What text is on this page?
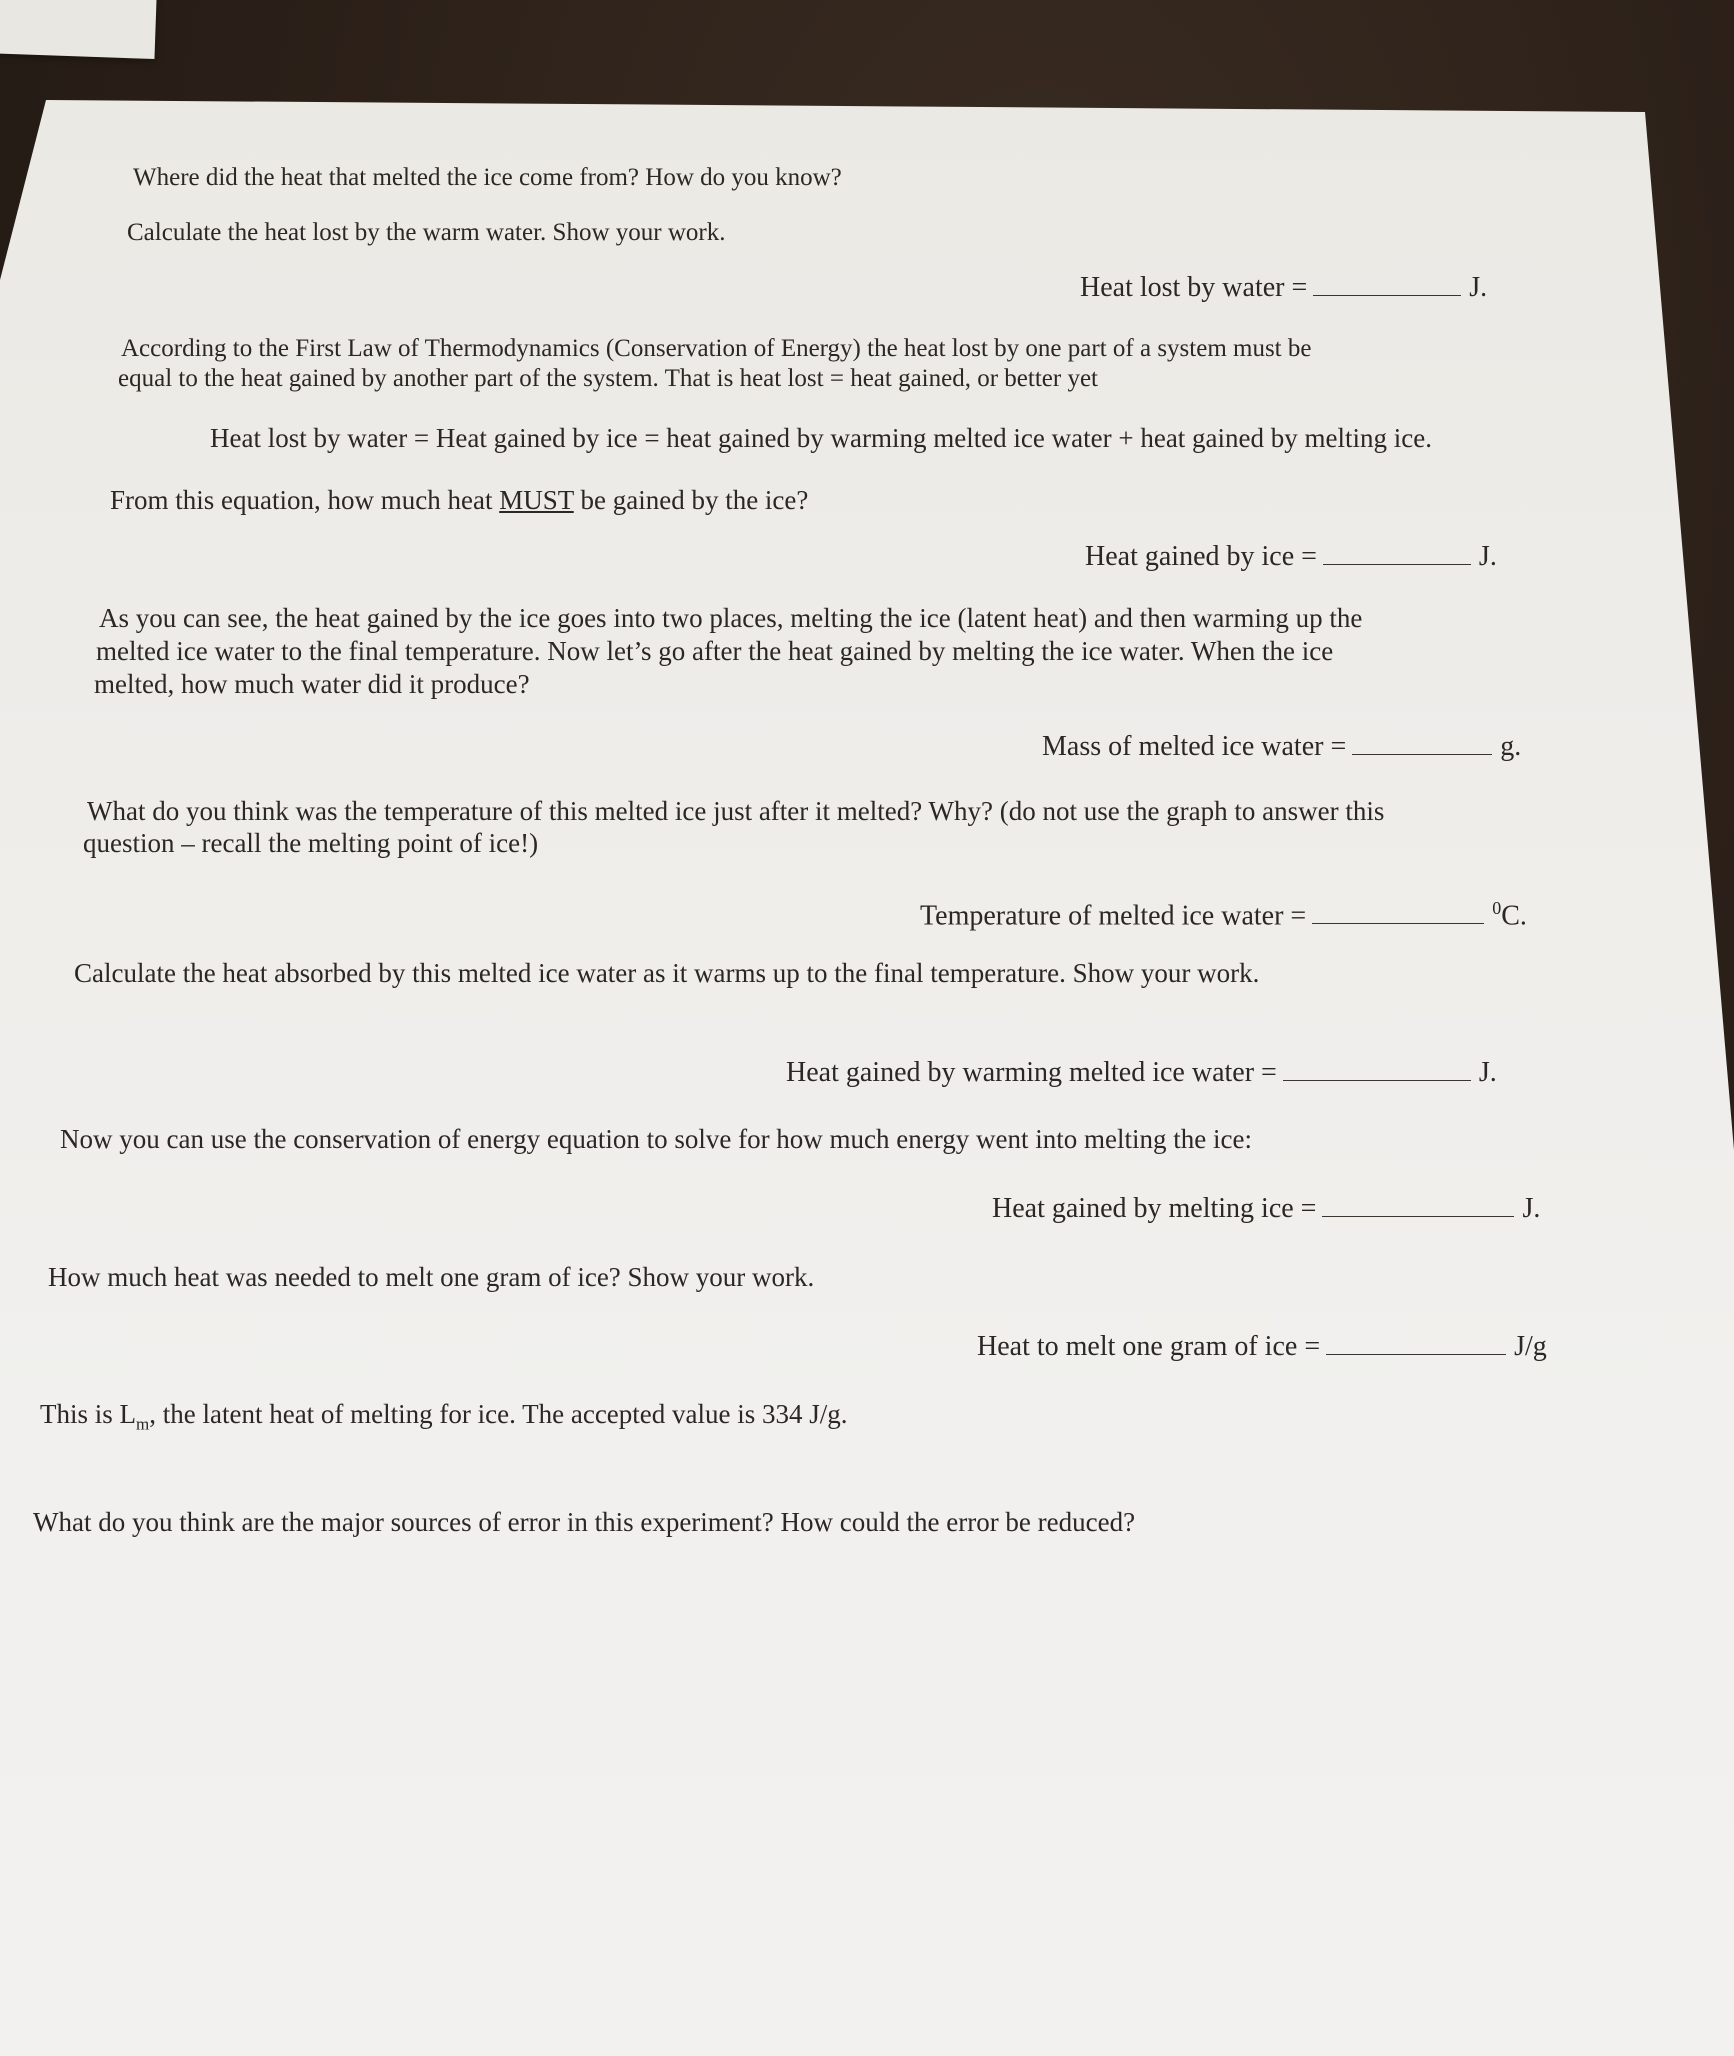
Where did the heat that melted the ice come from? How do you know?
Calculate the heat lost by the warm water. Show your work.
Heat lost by water =	J.
According to the First Law of Thermodynamics (Conservation of Energy) the heat lost by one part of a system must be
equal to the heat gained by another part of the system. That is heat lost = heat gained, or better yet
Heat lost by water = Heat gained by ice = heat gained by warming melted ice water + heat gained by melting ice.
From this equation, how much heat MUST be gained by the ice?
Heat gained by ice =	J.
As you can see, the heat gained by the ice goes into two places, melting the ice (latent heat) and then warming up the
melted ice water to the final temperature. Now let’s go after the heat gained by melting the ice water. When the ice
melted, how much water did it produce?
Mass of melted ice water =	g.
What do you think was the temperature of this melted ice just after it melted? Why? (do not use the graph to answer this
question – recall the melting point of ice!)
Temperature of melted ice water =	$^0$C.
Calculate the heat absorbed by this melted ice water as it warms up to the final temperature. Show your work.
Heat gained by warming melted ice water =	J.
Now you can use the conservation of energy equation to solve for how much energy went into melting the ice:
Heat gained by melting ice =	J.
How much heat was needed to melt one gram of ice? Show your work.
Heat to melt one gram of ice =	J/g
This is $L_m$, the latent heat of melting for ice. The accepted value is 334 J/g.
What do you think are the major sources of error in this experiment? How could the error be reduced?
